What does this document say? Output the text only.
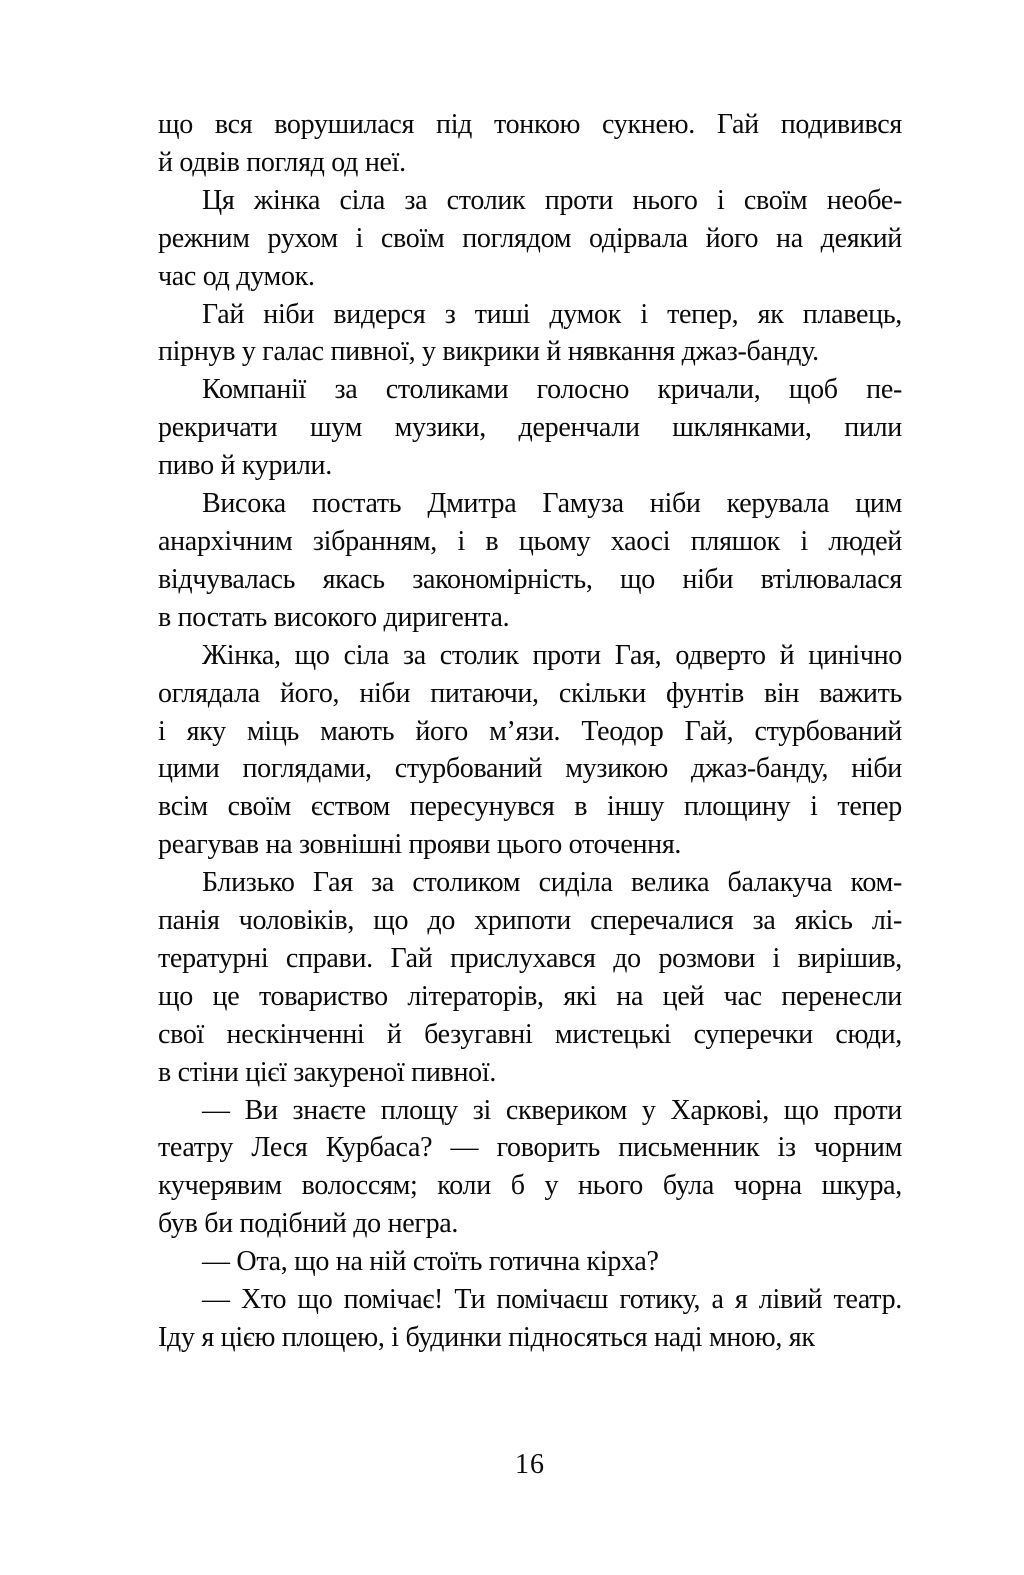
що вся ворушилася під тонкою сукнею. Гай подивився
й одвів погляд од неї.

Ця жінка сіла за столик проти нього і своїм необе-
режним рухом і своїм поглядом одірвала його на деякий
час од думок.

Гай ніби видерся з тиші думок і тепер, як плавець,
пірнув у галас пивної, у викрики й нявкання джаз-банду.

Компанії за столиками голосно кричали, щоб пе-
рекричати шум музики, деренчали шклянками, пили
пиво й курили.

Висока постать Дмитра Гамуза ніби керувала цим
анархічним зібранням, і в цьому хаосі пляшок і людей
відчувалась якась закономірність, що ніби втілювалася
в постать високого диригента.

Жінка, що сіла за столик проти Гая, одверто й цинічно
оглядала його, ніби питаючи, скільки фунтів він важить
і яку міць мають його м’язи. Теодор Гай, стурбований
цими поглядами, стурбований музикою джаз-банду, ніби
всім своїм єством пересунувся в іншу площину і тепер
реагував на зовнішні прояви цього оточення.

Близько Гая за столиком сиділа велика балакуча ком-
панія чоловіків, що до хрипоти сперечалися за якісь лі-
тературні справи. Гай прислухався до розмови і вирішив,
що це товариство літераторів, які на цей час перенесли
свої нескінченні й безугавні мистецькі суперечки сюди,
в стіни цієї закуреної пивної.

— Ви знаєте площу зі сквериком у Харкові, що проти
театру Леся Курбаса? — говорить письменник із чорним
кучерявим волоссям; коли б у нього була чорна шкура,
був би подібний до негра.

— Ота, що на ній стоїть готична кірха?

— Хто що помічає! Ти помічаєш готику, а я лівий театр.
Іду я цією площею, і будинки підносяться наді мною, як

16
